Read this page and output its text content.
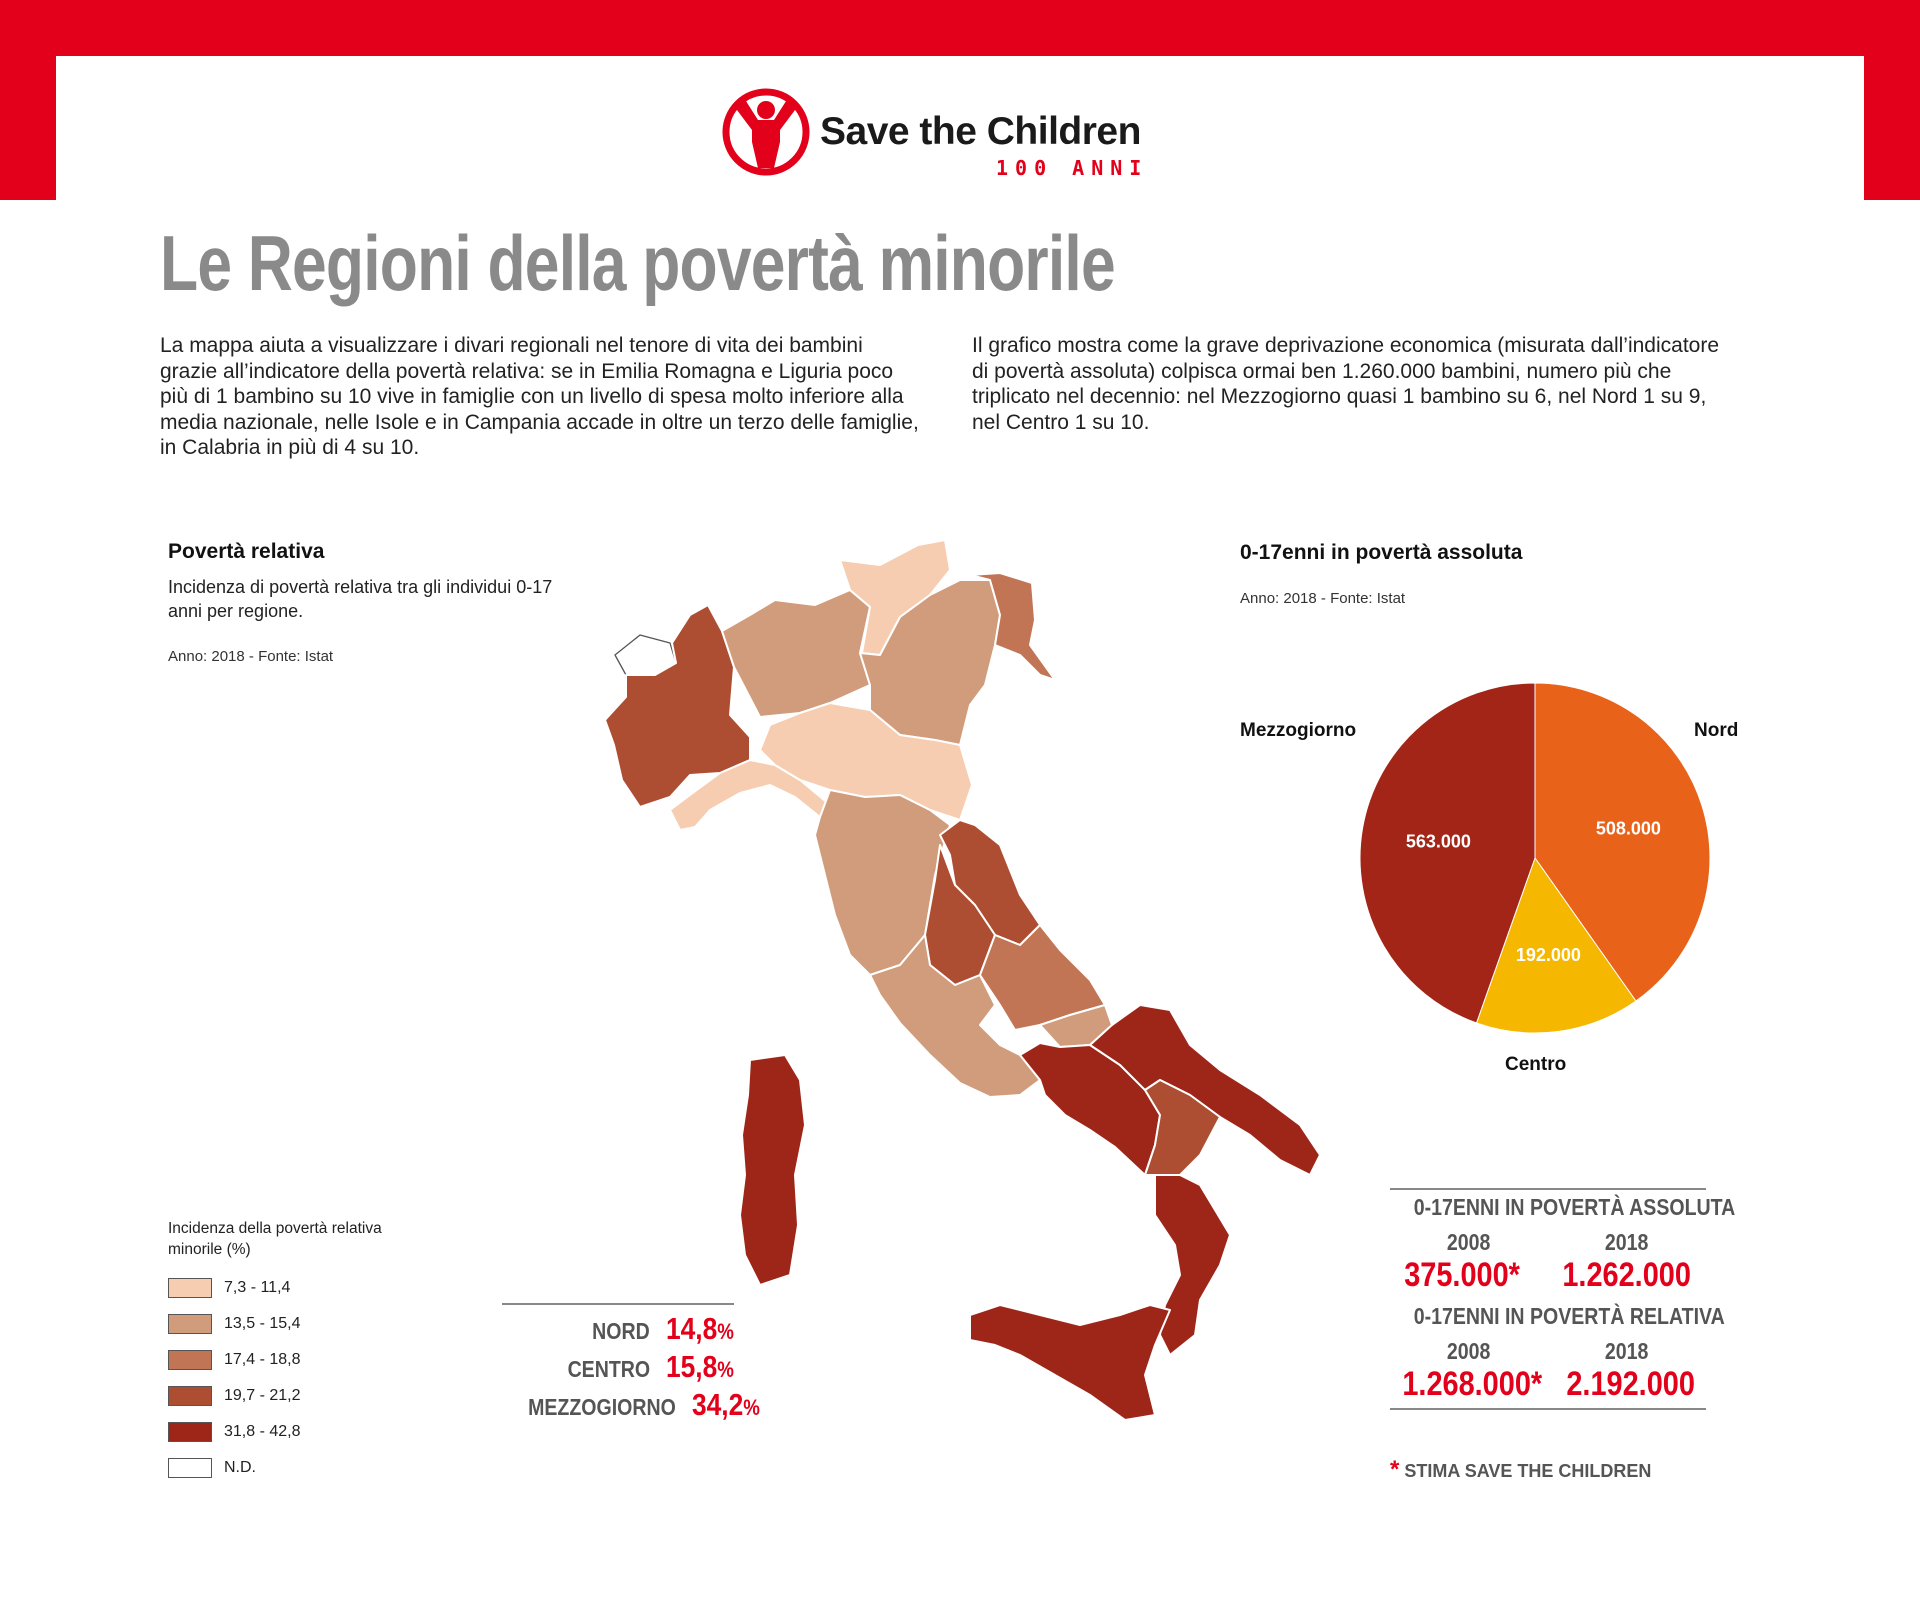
Save the Children
100 ANNI
Le Regioni della povertà minorile
La mappa aiuta a visualizzare i divari regionali nel tenore di vita dei bambini grazie all’indicatore della povertà relativa: se in Emilia Romagna e Liguria poco più di 1 bambino su 10 vive in famiglie con un livello di spesa molto inferiore alla media nazionale, nelle Isole e in Campania accade in oltre un terzo delle famiglie, in Calabria in più di 4 su 10.
Il grafico mostra come la grave deprivazione economica (misurata dall’indicatore di povertà assoluta) colpisca ormai ben 1.260.000 bambini, numero più che triplicato nel decennio: nel Mezzogiorno quasi 1 bambino su 6, nel Nord 1 su 9, nel Centro 1 su 10.
Povertà relativa
Incidenza di povertà relativa tra gli individui 0-17 anni per regione.
Anno: 2018 - Fonte: Istat
Incidenza della povertà relativa minorile (%)
7,3 - 11,4
13,5 - 15,4
17,4 - 18,8
19,7 - 21,2
31,8 - 42,8
N.D.
NORD 14,8%
CENTRO 15,8%
MEZZOGIORNO 34,2%
0-17enni in povertà assoluta
Anno: 2018 - Fonte: Istat
508.000
192.000
563.000
Mezzogiorno	Nord
Centro
0-17ENNI IN POVERTÀ ASSOLUTA
2008	2018
375.000* 1.262.000
0-17ENNI IN POVERTÀ RELATIVA
2008	2018
1.268.000* 2.192.000
* STIMA SAVE THE CHILDREN
